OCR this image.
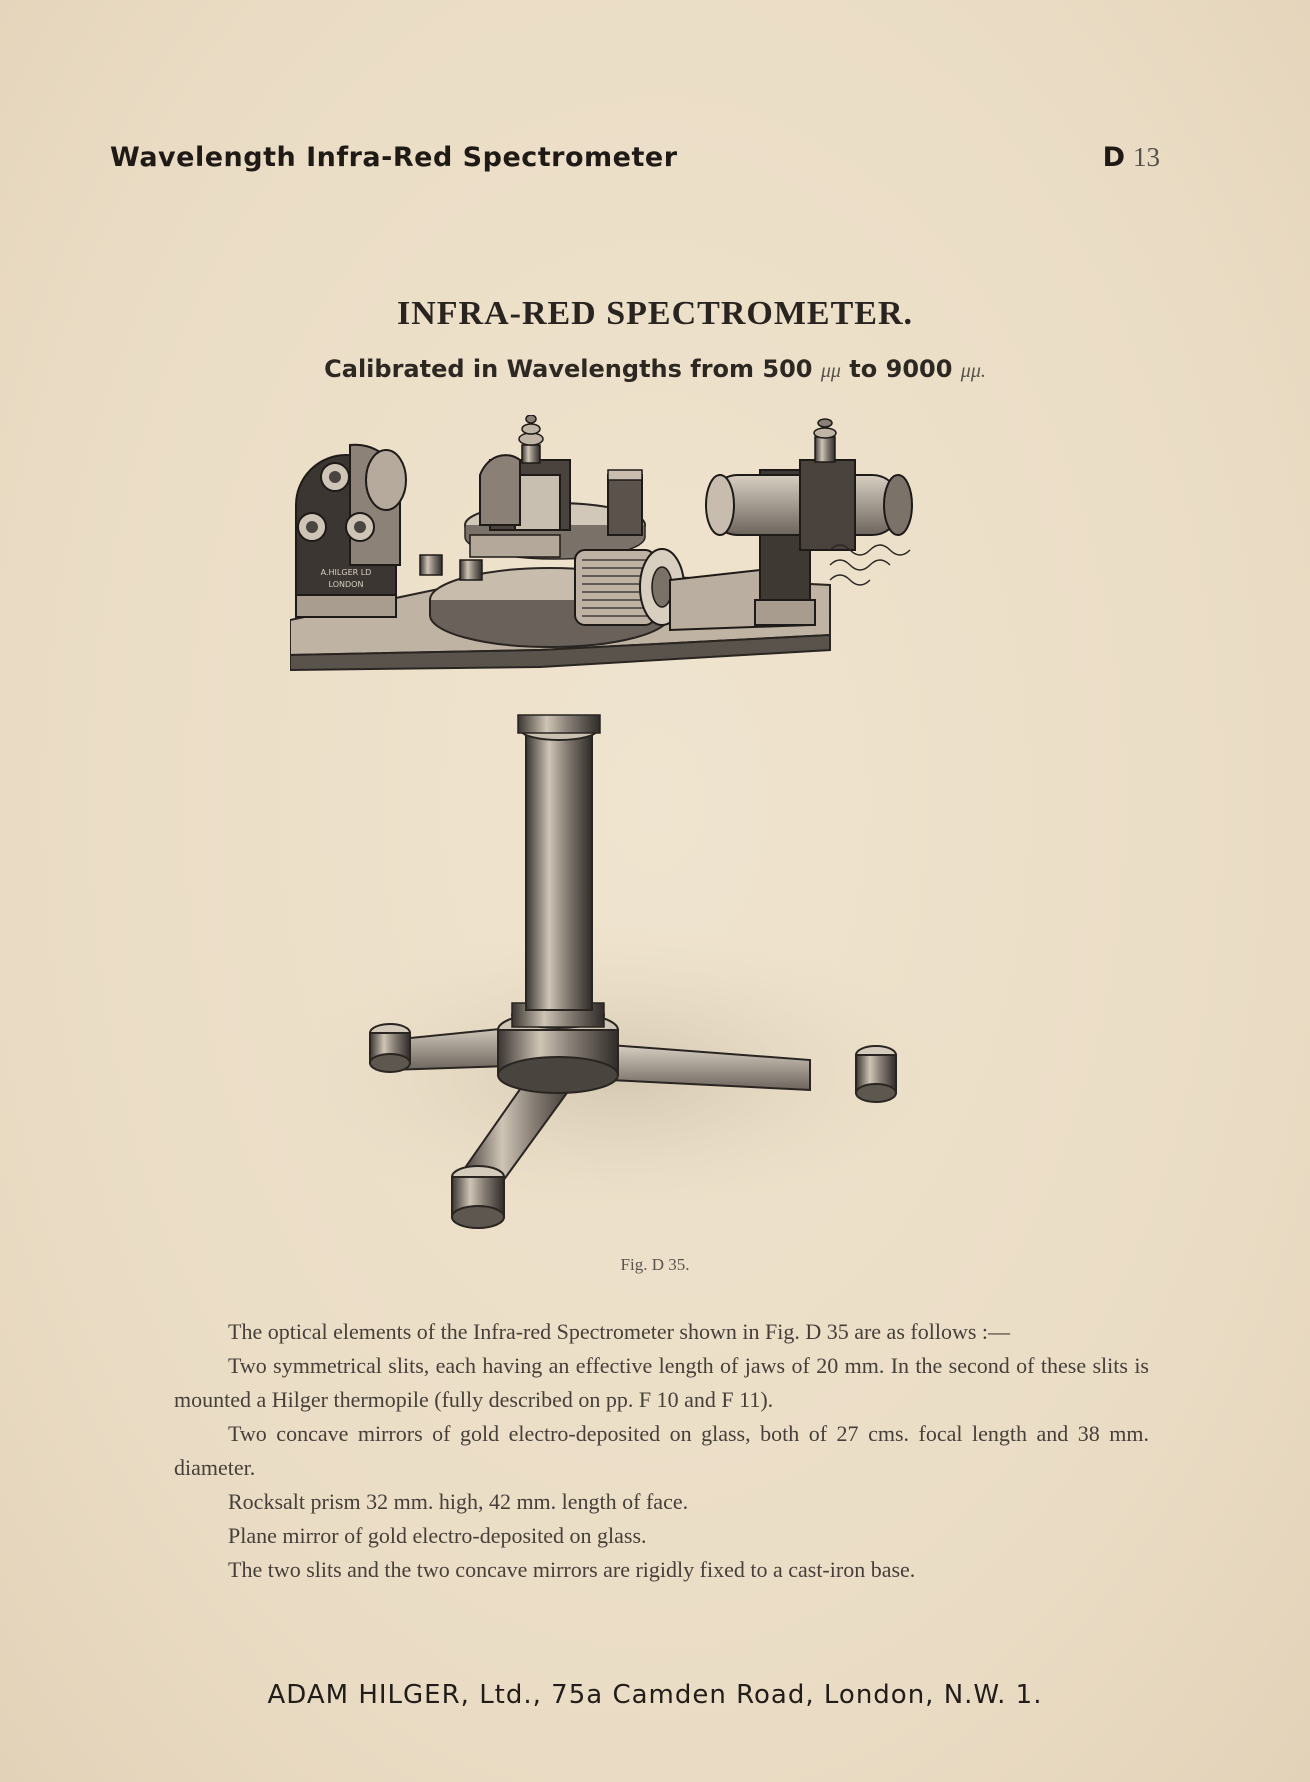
Wavelength Infra-Red Spectrometer	D 13
INFRA-RED SPECTROMETER.
Calibrated in Wavelengths from 500 μμ to 9000 μμ.
A.HILGER LD
LONDON
Fig. D 35.

The optical elements of the Infra-red Spectrometer shown in Fig. D 35 are as follows :—

Two symmetrical slits, each having an effective length of jaws of 20 mm. In the second of these slits is mounted a Hilger thermopile (fully described on pp. F 10 and F 11).

Two concave mirrors of gold electro-deposited on glass, both of 27 cms. focal length and 38 mm. diameter.

Rocksalt prism 32 mm. high, 42 mm. length of face.

Plane mirror of gold electro-deposited on glass.

The two slits and the two concave mirrors are rigidly fixed to a cast-iron base.

ADAM HILGER, Ltd., 75a Camden Road, London, N.W. 1.
